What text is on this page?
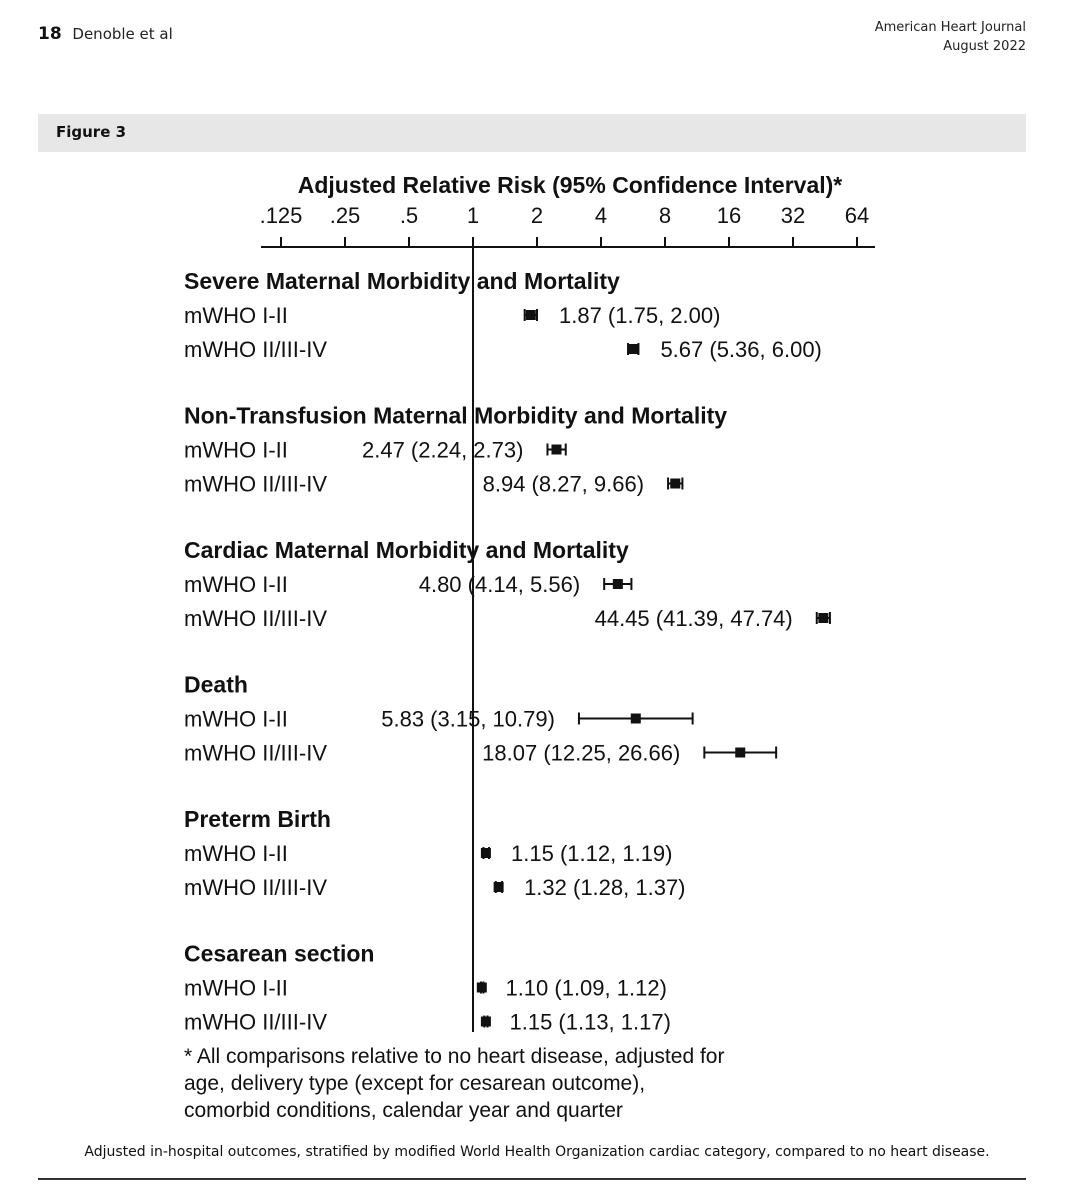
18 Denoble et al	American Heart Journal
August 2022
Figure 3
Adjusted Relative Risk (95% Confidence Interval)*
.125 .25 .5 1 2 4 8 16 32 64
Severe Maternal Morbidity and Mortality
mWHO I-II	1.87 (1.75, 2.00)
mWHO II/III-IV	5.67 (5.36, 6.00)
Non-Transfusion Maternal Morbidity and Mortality
mWHO I-II	2.47 (2.24, 2.73)
mWHO II/III-IV	8.94 (8.27, 9.66)
Cardiac Maternal Morbidity and Mortality
mWHO I-II	4.80 (4.14, 5.56)
mWHO II/III-IV	44.45 (41.39, 47.74)
Death
mWHO I-II	5.83 (3.15, 10.79)
mWHO II/III-IV	18.07 (12.25, 26.66)
Preterm Birth
mWHO I-II	1.15 (1.12, 1.19)
mWHO II/III-IV	1.32 (1.28, 1.37)
Cesarean section
mWHO I-II	1.10 (1.09, 1.12)
mWHO II/III-IV	1.15 (1.13, 1.17)
* All comparisons relative to no heart disease, adjusted for
age, delivery type (except for cesarean outcome),
comorbid conditions, calendar year and quarter
Adjusted in-hospital outcomes, stratified by modified World Health Organization cardiac category, compared to no heart disease.
